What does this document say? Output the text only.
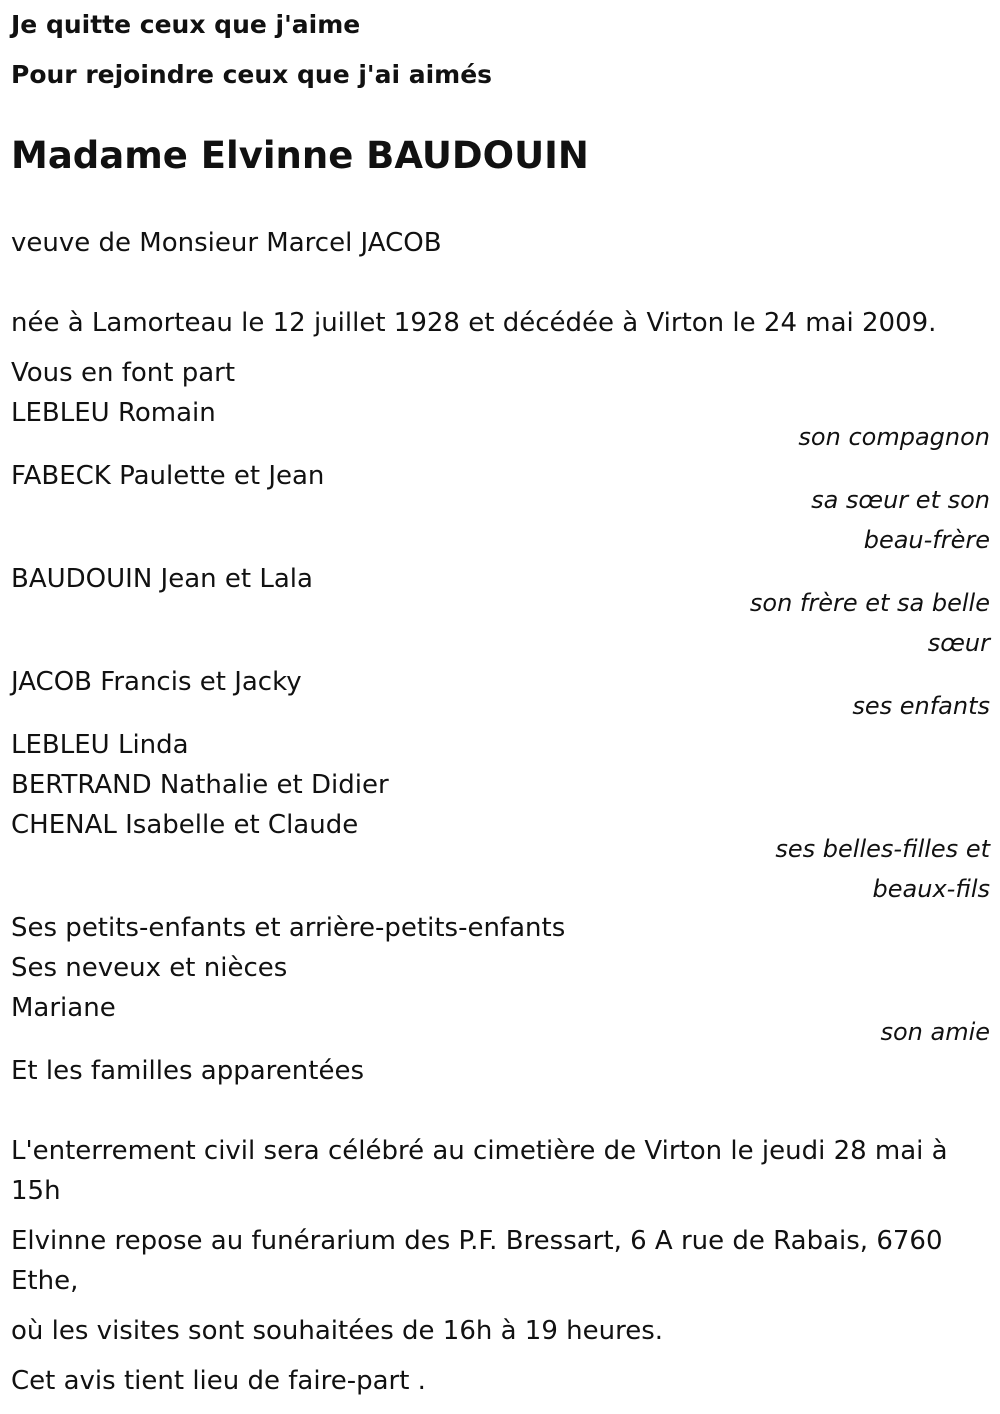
Je quitte ceux que j'aime
Pour rejoindre ceux que j'ai aimés
Madame Elvinne BAUDOUIN
veuve de Monsieur Marcel JACOB
née à Lamorteau le 12 juillet 1928 et décédée à Virton le 24 mai 2009.
Vous en font part
LEBLEU Romain
son compagnon
FABECK Paulette et Jean
sa sœur et son
beau-frère
BAUDOUIN Jean et Lala
son frère et sa belle
sœur
JACOB Francis et Jacky
ses enfants
LEBLEU Linda
BERTRAND Nathalie et Didier
CHENAL Isabelle et Claude
ses belles-filles et
beaux-fils
Ses petits-enfants et arrière-petits-enfants
Ses neveux et nièces
Mariane
son amie
Et les familles apparentées
L'enterrement civil sera célébré au cimetière de Virton le jeudi 28 mai à 15h
Elvinne repose au funérarium des P.F. Bressart, 6 A rue de Rabais, 6760 Ethe,
où les visites sont souhaitées de 16h à 19 heures.
Cet avis tient lieu de faire-part .
